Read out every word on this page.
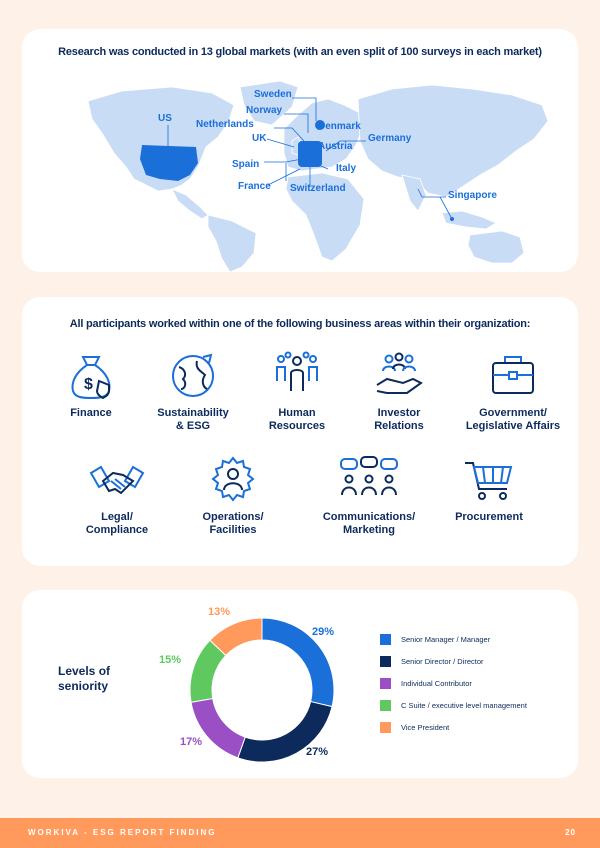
Research was conducted in 13 global markets (with an even split of 100 surveys in each market)
US
Sweden
Norway
Netherlands	Denmark
UK	Germany
Austria
Spain	Italy
France Switzerland
Singapore
All participants worked within one of the following business areas within their organization:
$
Finance	Sustainability
& ESG
Human
Resources
Investor
Relations
Government/
Legislative Affairs
Legal/
Compliance
Operations/
Facilities
Communications/
Marketing
Procurement
Levels of
seniority
13%
29%
15%
17%
27%
Senior Manager / Manager
Senior Director / Director
Individual Contributor
C Suite / executive level management
Vice President
WORKIVA - ESG REPORT FINDING	20
